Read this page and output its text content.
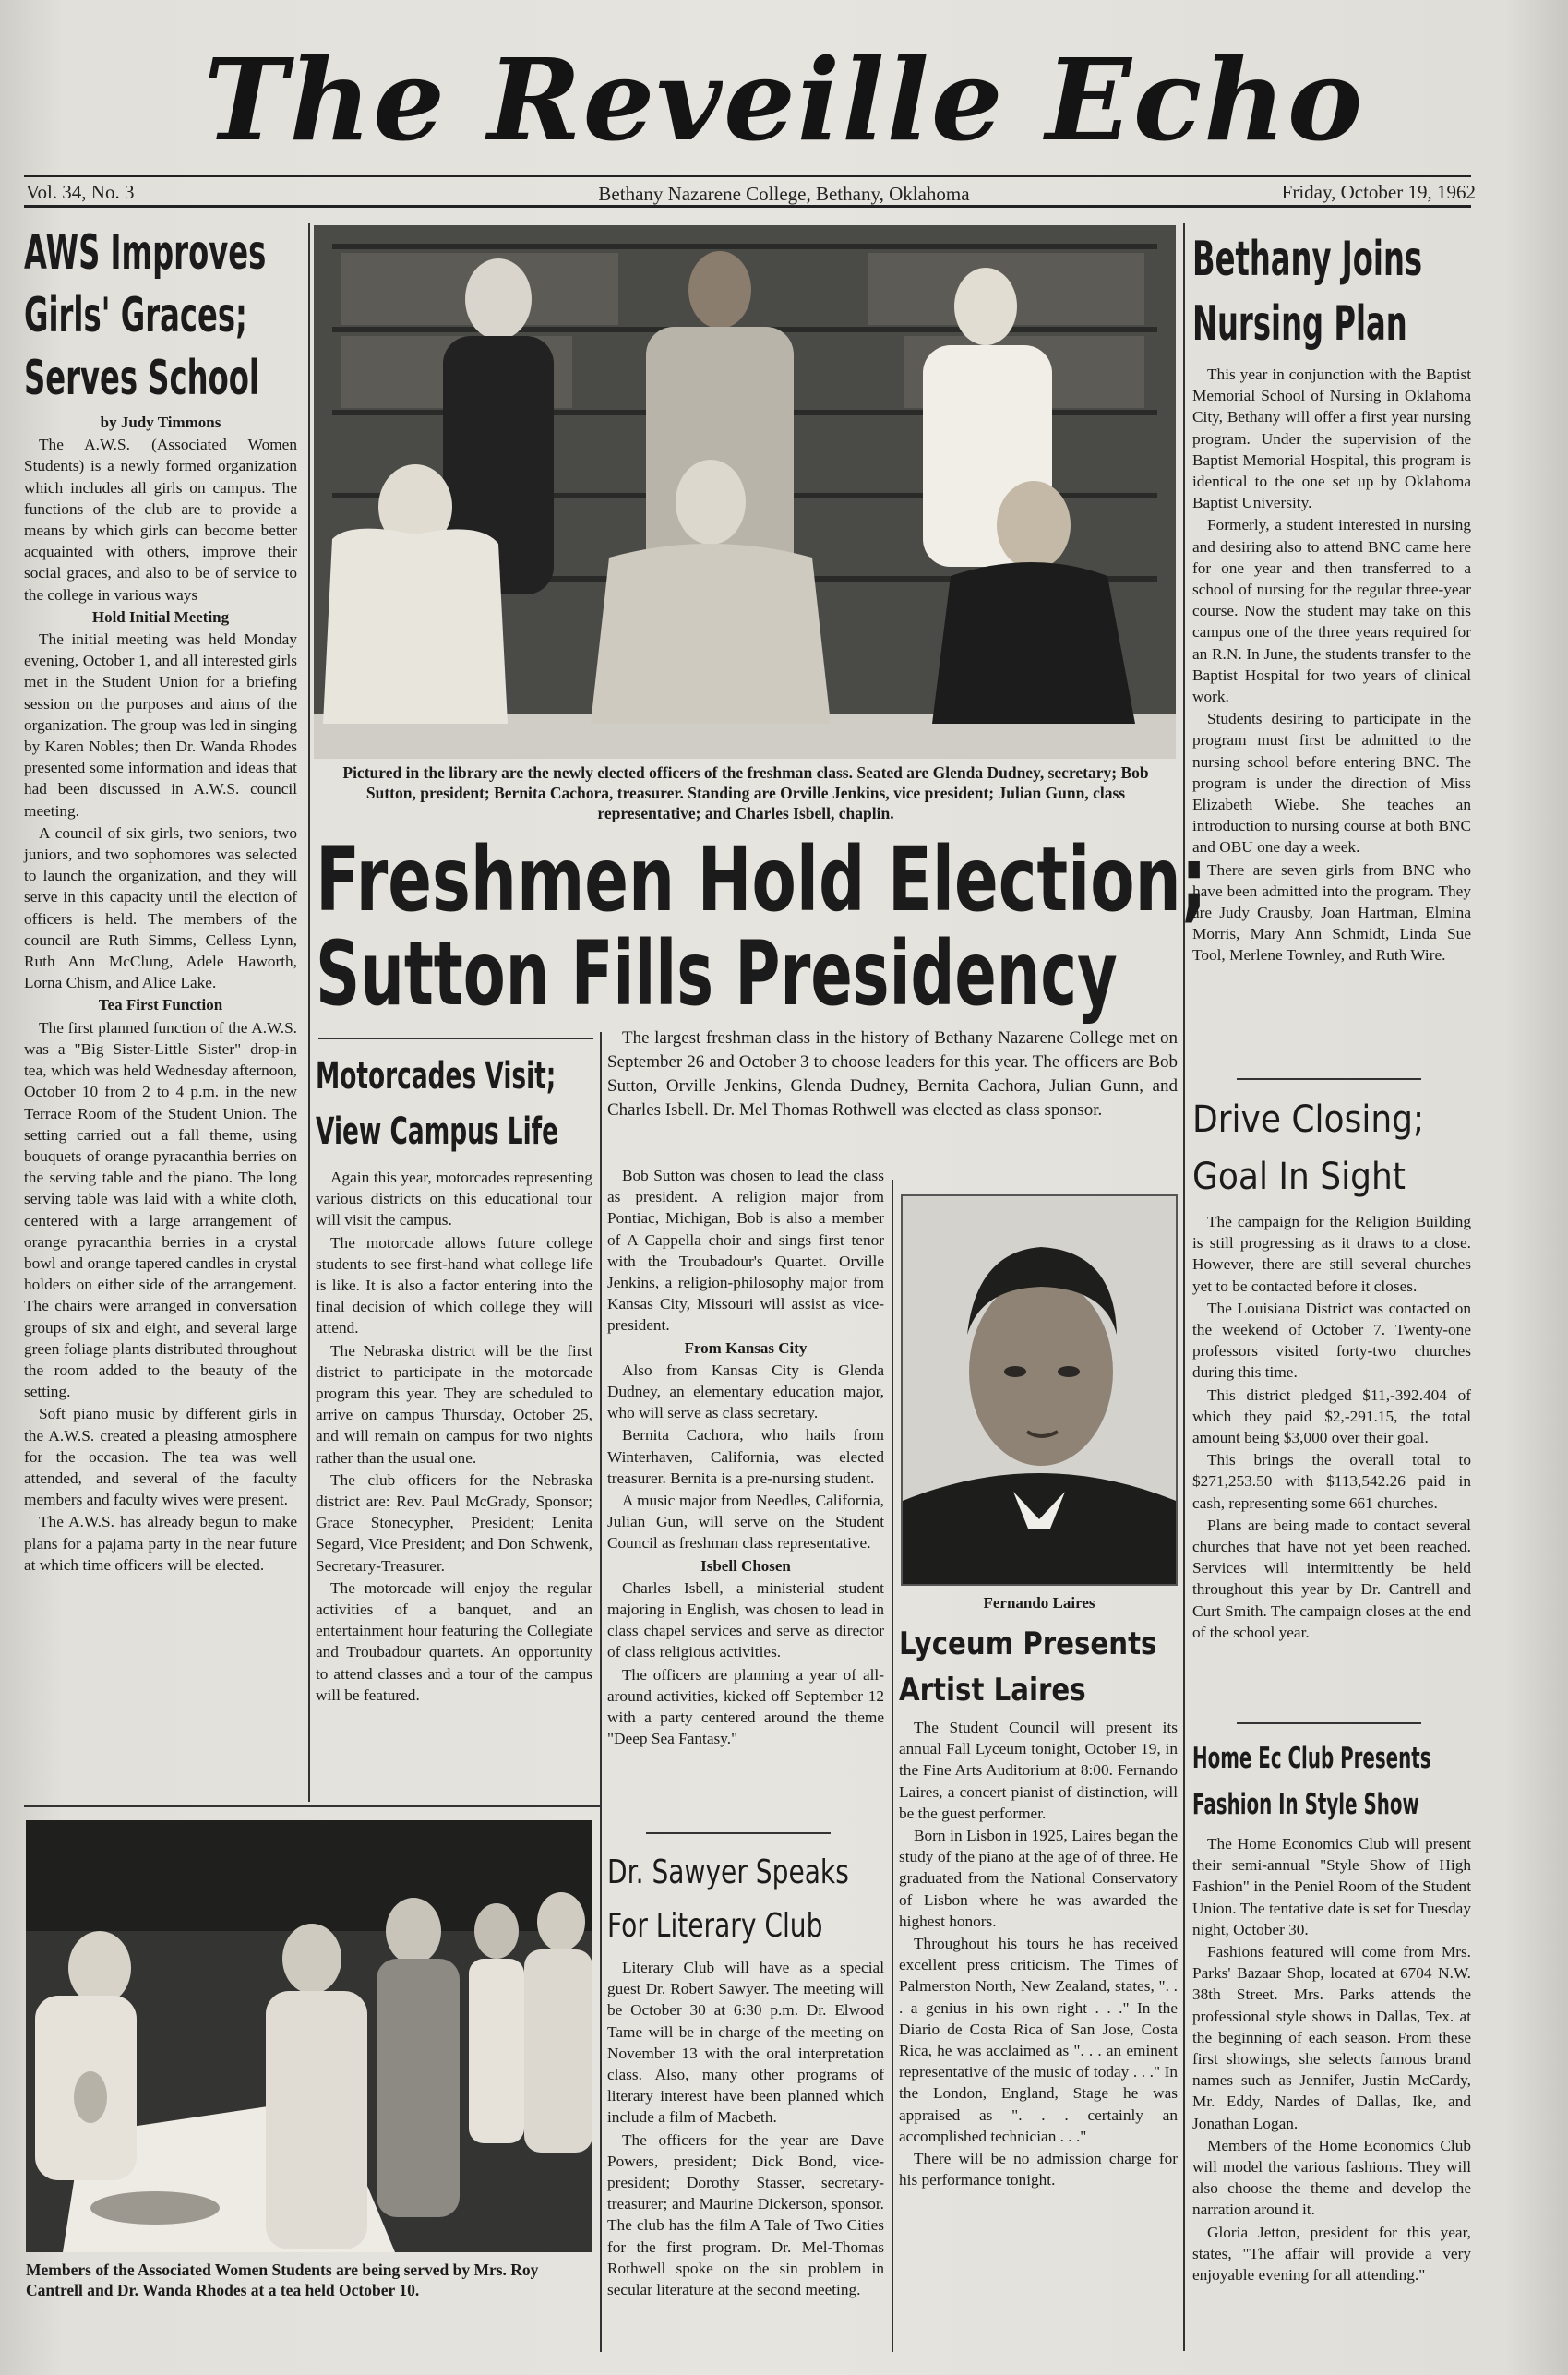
The Reveille Echo
Vol. 34, No. 3	Bethany Nazarene College, Bethany, Oklahoma	Friday, October 19, 1962
AWS Improves
Girls' Graces;
Serves School

by Judy Timmons

The A.W.S. (Associated Women Students) is a newly formed organization which includes all girls on campus. The functions of the club are to provide a means by which girls can become better acquainted with others, improve their social graces, and also to be of service to the college in various ways

Hold Initial Meeting

The initial meeting was held Monday evening, October 1, and all interested girls met in the Student Union for a briefing session on the purposes and aims of the organization. The group was led in singing by Karen Nobles; then Dr. Wanda Rhodes presented some information and ideas that had been discussed in A.W.S. council meeting.

A council of six girls, two seniors, two juniors, and two sophomores was selected to launch the organization, and they will serve in this capacity until the election of officers is held. The members of the council are Ruth Simms, Celless Lynn, Ruth Ann McClung, Adele Haworth, Lorna Chism, and Alice Lake.

Tea First Function

The first planned function of the A.W.S. was a "Big Sister-Little Sister" drop-in tea, which was held Wednesday afternoon, October 10 from 2 to 4 p.m. in the new Terrace Room of the Student Union. The setting carried out a fall theme, using bouquets of orange pyracanthia berries on the serving table and the piano. The long serving table was laid with a white cloth, centered with a large arrangement of orange pyracanthia berries in a crystal bowl and orange tapered candles in crystal holders on either side of the arrangement. The chairs were arranged in conversation groups of six and eight, and several large green foliage plants distributed throughout the room added to the beauty of the setting.

Soft piano music by different girls in the A.W.S. created a pleasing atmosphere for the occasion. The tea was well attended, and several of the faculty members and faculty wives were present.

The A.W.S. has already begun to make plans for a pajama party in the near future at which time officers will be elected.

Pictured in the library are the newly elected officers of the freshman class. Seated are Glenda Dudney, secretary; Bob Sutton, president; Bernita Cachora, treasurer. Standing are Orville Jenkins, vice president; Julian Gunn, class representative; and Charles Isbell, chaplin.
Freshmen Hold Election;
Sutton Fills Presidency
Motorcades Visit;
View Campus Life

Again this year, motorcades representing various districts on this educational tour will visit the campus.

The motorcade allows future college students to see first-hand what college life is like. It is also a factor entering into the final decision of which college they will attend.

The Nebraska district will be the first district to participate in the motorcade program this year. They are scheduled to arrive on campus Thursday, October 25, and will remain on campus for two nights rather than the usual one.

The club officers for the Nebraska district are: Rev. Paul McGrady, Sponsor; Grace Stonecypher, President; Lenita Segard, Vice President; and Don Schwenk, Secretary-Treasurer.

The motorcade will enjoy the regular activities of a banquet, and an entertainment hour featuring the Collegiate and Troubadour quartets. An opportunity to attend classes and a tour of the campus will be featured.

Members of the Associated Women Students are being served by Mrs. Roy Cantrell and Dr. Wanda Rhodes at a tea held October 10.

The largest freshman class in the history of Bethany Nazarene College met on September 26 and October 3 to choose leaders for this year. The officers are Bob Sutton, Orville Jenkins, Glenda Dudney, Bernita Cachora, Julian Gunn, and Charles Isbell. Dr. Mel Thomas Rothwell was elected as class sponsor.

Bob Sutton was chosen to lead the class as president. A religion major from Pontiac, Michigan, Bob is also a member of A Cappella choir and sings first tenor with the Troubadour's Quartet. Orville Jenkins, a religion-philosophy major from Kansas City, Missouri will assist as vice-president.

From Kansas City

Also from Kansas City is Glenda Dudney, an elementary education major, who will serve as class secretary.

Bernita Cachora, who hails from Winterhaven, California, was elected treasurer. Bernita is a pre-nursing student.

A music major from Needles, California, Julian Gun, will serve on the Student Council as freshman class representative.

Isbell Chosen

Charles Isbell, a ministerial student majoring in English, was chosen to lead in class chapel services and serve as director of class religious activities.

The officers are planning a year of all-around activities, kicked off September 12 with a party centered around the theme "Deep Sea Fantasy."

Dr. Sawyer Speaks
For Literary Club

Literary Club will have as a special guest Dr. Robert Sawyer. The meeting will be October 30 at 6:30 p.m. Dr. Elwood Tame will be in charge of the meeting on November 13 with the oral interpretation class. Also, many other programs of literary interest have been planned which include a film of Macbeth.

The officers for the year are Dave Powers, president; Dick Bond, vice-president; Dorothy Stasser, secretary-treasurer; and Maurine Dickerson, sponsor. The club has the film A Tale of Two Cities for the first program. Dr. Mel-Thomas Rothwell spoke on the sin problem in secular literature at the second meeting.

Fernando Laires
Lyceum Presents
Artist Laires

The Student Council will present its annual Fall Lyceum tonight, October 19, in the Fine Arts Auditorium at 8:00. Fernando Laires, a concert pianist of distinction, will be the guest performer.

Born in Lisbon in 1925, Laires began the study of the piano at the age of of three. He graduated from the National Conservatory of Lisbon where he was awarded the highest honors.

Throughout his tours he has received excellent press criticism. The Times of Palmerston North, New Zealand, states, ". . . a genius in his own right . . ." In the Diario de Costa Rica of San Jose, Costa Rica, he was acclaimed as ". . . an eminent representative of the music of today . . ." In the London, England, Stage he was appraised as ". . . certainly an accomplished technician . . ."

There will be no admission charge for his performance tonight.

Bethany Joins
Nursing Plan

This year in conjunction with the Baptist Memorial School of Nursing in Oklahoma City, Bethany will offer a first year nursing program. Under the supervision of the Baptist Memorial Hospital, this program is identical to the one set up by Oklahoma Baptist University.

Formerly, a student interested in nursing and desiring also to attend BNC came here for one year and then transferred to a school of nursing for the regular three-year course. Now the student may take on this campus one of the three years required for an R.N. In June, the students transfer to the Baptist Hospital for two years of clinical work.

Students desiring to participate in the program must first be admitted to the nursing school before entering BNC. The program is under the direction of Miss Elizabeth Wiebe. She teaches an introduction to nursing course at both BNC and OBU one day a week.

There are seven girls from BNC who have been admitted into the program. They are Judy Crausby, Joan Hartman, Elmina Morris, Mary Ann Schmidt, Linda Sue Tool, Merlene Townley, and Ruth Wire.

Drive Closing;
Goal In Sight

The campaign for the Religion Building is still progressing as it draws to a close. However, there are still several churches yet to be contacted before it closes.

The Louisiana District was contacted on the weekend of October 7. Twenty-one professors visited forty-two churches during this time.

This district pledged $11,-392.404 of which they paid $2,-291.15, the total amount being $3,000 over their goal.

This brings the overall total to $271,253.50 with $113,542.26 paid in cash, representing some 661 churches.

Plans are being made to contact several churches that have not yet been reached. Services will intermittently be held throughout this year by Dr. Cantrell and Curt Smith. The campaign closes at the end of the school year.

Home Ec Club Presents
Fashion In Style Show

The Home Economics Club will present their semi-annual "Style Show of High Fashion" in the Peniel Room of the Student Union. The tentative date is set for Tuesday night, October 30.

Fashions featured will come from Mrs. Parks' Bazaar Shop, located at 6704 N.W. 38th Street. Mrs. Parks attends the professional style shows in Dallas, Tex. at the beginning of each season. From these first showings, she selects famous brand names such as Jennifer, Justin McCardy, Mr. Eddy, Nardes of Dallas, Ike, and Jonathan Logan.

Members of the Home Economics Club will model the various fashions. They will also choose the theme and develop the narration around it.

Gloria Jetton, president for this year, states, "The affair will provide a very enjoyable evening for all attending."
